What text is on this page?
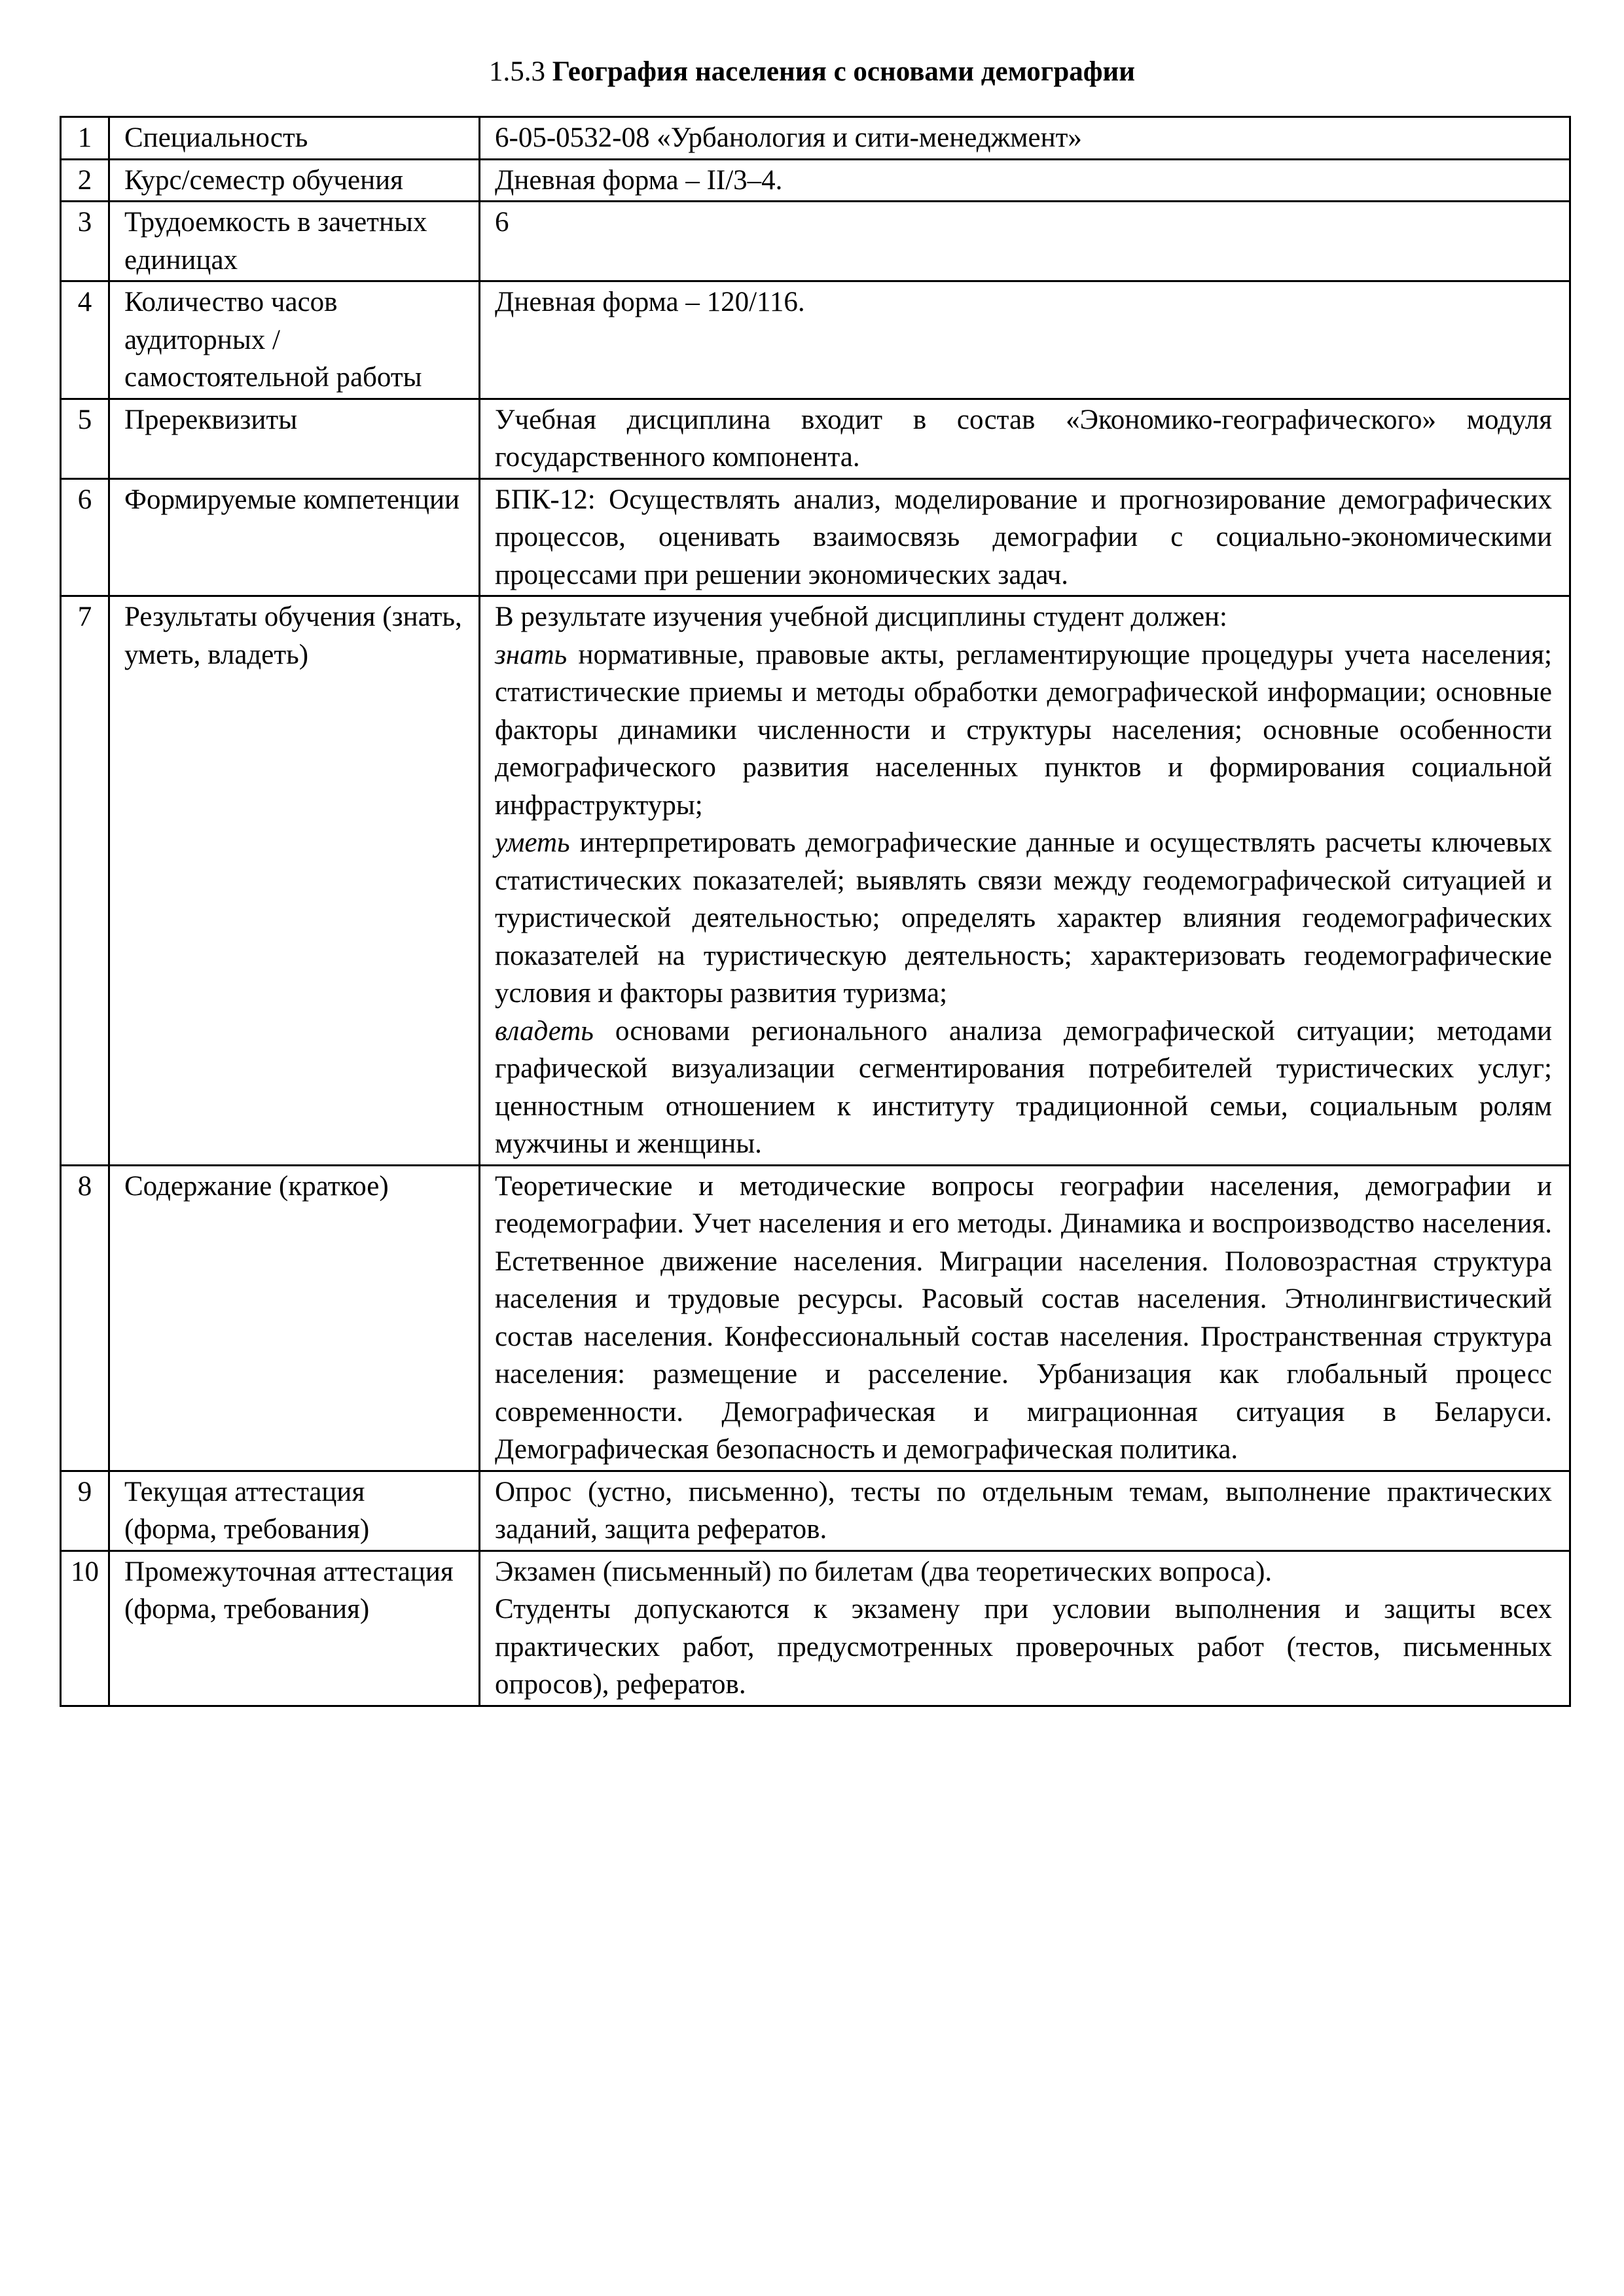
1.5.3 География населения с основами демографии
1	Специальность	6-05-0532-08 «Урбанология и сити-менеджмент»
2	Курс/семестр обучения	Дневная форма – II/3–4.
3	Трудоемкость в зачетных единицах	6
4	Количество часов аудиторных / самостоятельной работы	Дневная форма – 120/116.
5	Пререквизиты	Учебная дисциплина входит в состав «Экономико-географического» модуля государственного компонента.
6	Формируемые компетенции	БПК-12: Осуществлять анализ, моделирование и прогнозирование демографических процессов, оценивать взаимосвязь демографии с социально-экономическими процессами при решении экономических задач.
7	Результаты обучения (знать, уметь, владеть)	В результате изучения учебной дисциплины студент должен:
знать нормативные, правовые акты, регламентирующие процедуры учета населения; статистические приемы и методы обработки демографической информации; основные факторы динамики численности и структуры населения; основные особенности демографического развития населенных пунктов и формирования социальной инфраструктуры;
уметь интерпретировать демографические данные и осуществлять расчеты ключевых статистических показателей; выявлять связи между геодемографической ситуацией и туристической деятельностью; определять характер влияния геодемографических показателей на туристическую деятельность; характеризовать геодемографические условия и факторы развития туризма;
владеть основами регионального анализа демографической ситуации; методами графической визуализации сегментирования потребителей туристических услуг; ценностным отношением к институту традиционной семьи, социальным ролям мужчины и женщины.
8	Содержание (краткое)	Теоретические и методические вопросы географии населения, демографии и геодемографии. Учет населения и его методы. Динамика и воспроизводство населения. Естетвенное движение населения. Миграции населения. Половозрастная структура населения и трудовые ресурсы. Расовый состав населения. Этнолингвистический состав населения. Конфессиональный состав населения. Пространственная структура населения: размещение и расселение. Урбанизация как глобальный процесс современности. Демографическая и миграционная ситуация в Беларуси. Демографическая безопасность и демографическая политика.
9	Текущая аттестация (форма, требования)	Опрос (устно, письменно), тесты по отдельным темам, выполнение практических заданий, защита рефератов.
10	Промежуточная аттестация (форма, требования)	Экзамен (письменный) по билетам (два теоретических вопроса).
Студенты допускаются к экзамену при условии выполнения и защиты всех практических работ, предусмотренных проверочных работ (тестов, письменных опросов), рефератов.
